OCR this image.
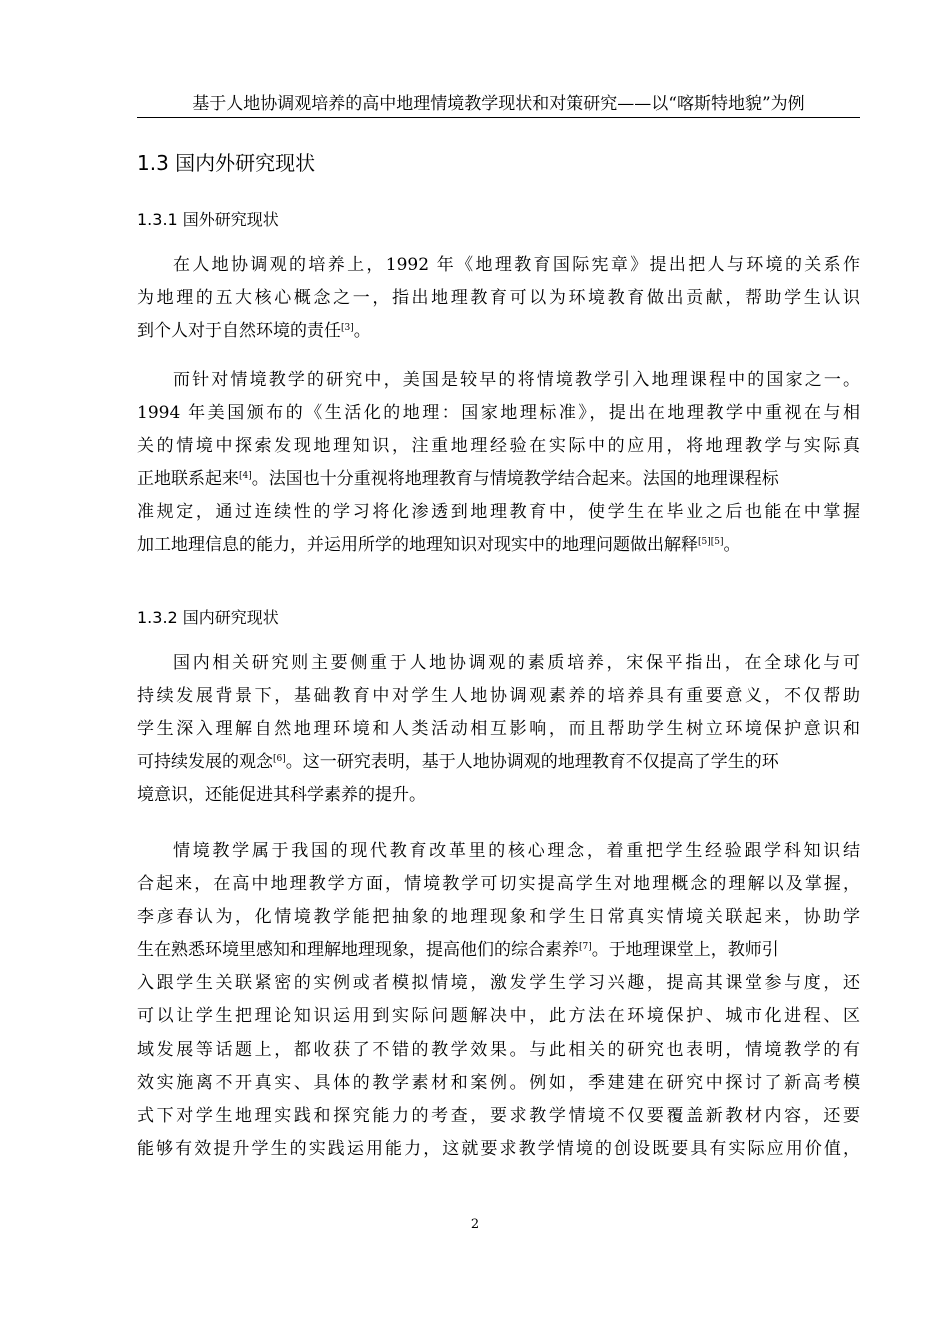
基于人地协调观培养的高中地理情境教学现状和对策研究——以“喀斯特地貌”为例
1.3 国内外研究现状
1.3.1 国外研究现状
在人地协调观的培养上，1992 年《地理教育国际宪章》提出把人与环境的关系作
为地理的五大核心概念之一，指出地理教育可以为环境教育做出贡献，帮助学生认识
到个人对于自然环境的责任[3]。
而针对情境教学的研究中，美国是较早的将情境教学引入地理课程中的国家之一。
1994 年美国颁布的《生活化的地理：国家地理标准》，提出在地理教学中重视在与相
关的情境中探索发现地理知识，注重地理经验在实际中的应用，将地理教学与实际真
正地联系起来[4]。法国也十分重视将地理教育与情境教学结合起来。法国的地理课程标
准规定，通过连续性的学习将化渗透到地理教育中，使学生在毕业之后也能在中掌握
加工地理信息的能力，并运用所学的地理知识对现实中的地理问题做出解释[5][5]。
1.3.2 国内研究现状
国内相关研究则主要侧重于人地协调观的素质培养，宋保平指出，在全球化与可
持续发展背景下，基础教育中对学生人地协调观素养的培养具有重要意义，不仅帮助
学生深入理解自然地理环境和人类活动相互影响，而且帮助学生树立环境保护意识和
可持续发展的观念[6]。这一研究表明，基于人地协调观的地理教育不仅提高了学生的环
境意识，还能促进其科学素养的提升。
情境教学属于我国的现代教育改革里的核心理念，着重把学生经验跟学科知识结
合起来，在高中地理教学方面，情境教学可切实提高学生对地理概念的理解以及掌握，
李彦春认为，化情境教学能把抽象的地理现象和学生日常真实情境关联起来，协助学
生在熟悉环境里感知和理解地理现象，提高他们的综合素养[7]。于地理课堂上，教师引
入跟学生关联紧密的实例或者模拟情境，激发学生学习兴趣，提高其课堂参与度，还
可以让学生把理论知识运用到实际问题解决中，此方法在环境保护、城市化进程、区
域发展等话题上，都收获了不错的教学效果。与此相关的研究也表明，情境教学的有
效实施离不开真实、具体的教学素材和案例。例如，季建建在研究中探讨了新高考模
式下对学生地理实践和探究能力的考查，要求教学情境不仅要覆盖新教材内容，还要
能够有效提升学生的实践运用能力，这就要求教学情境的创设既要具有实际应用价值，
2
